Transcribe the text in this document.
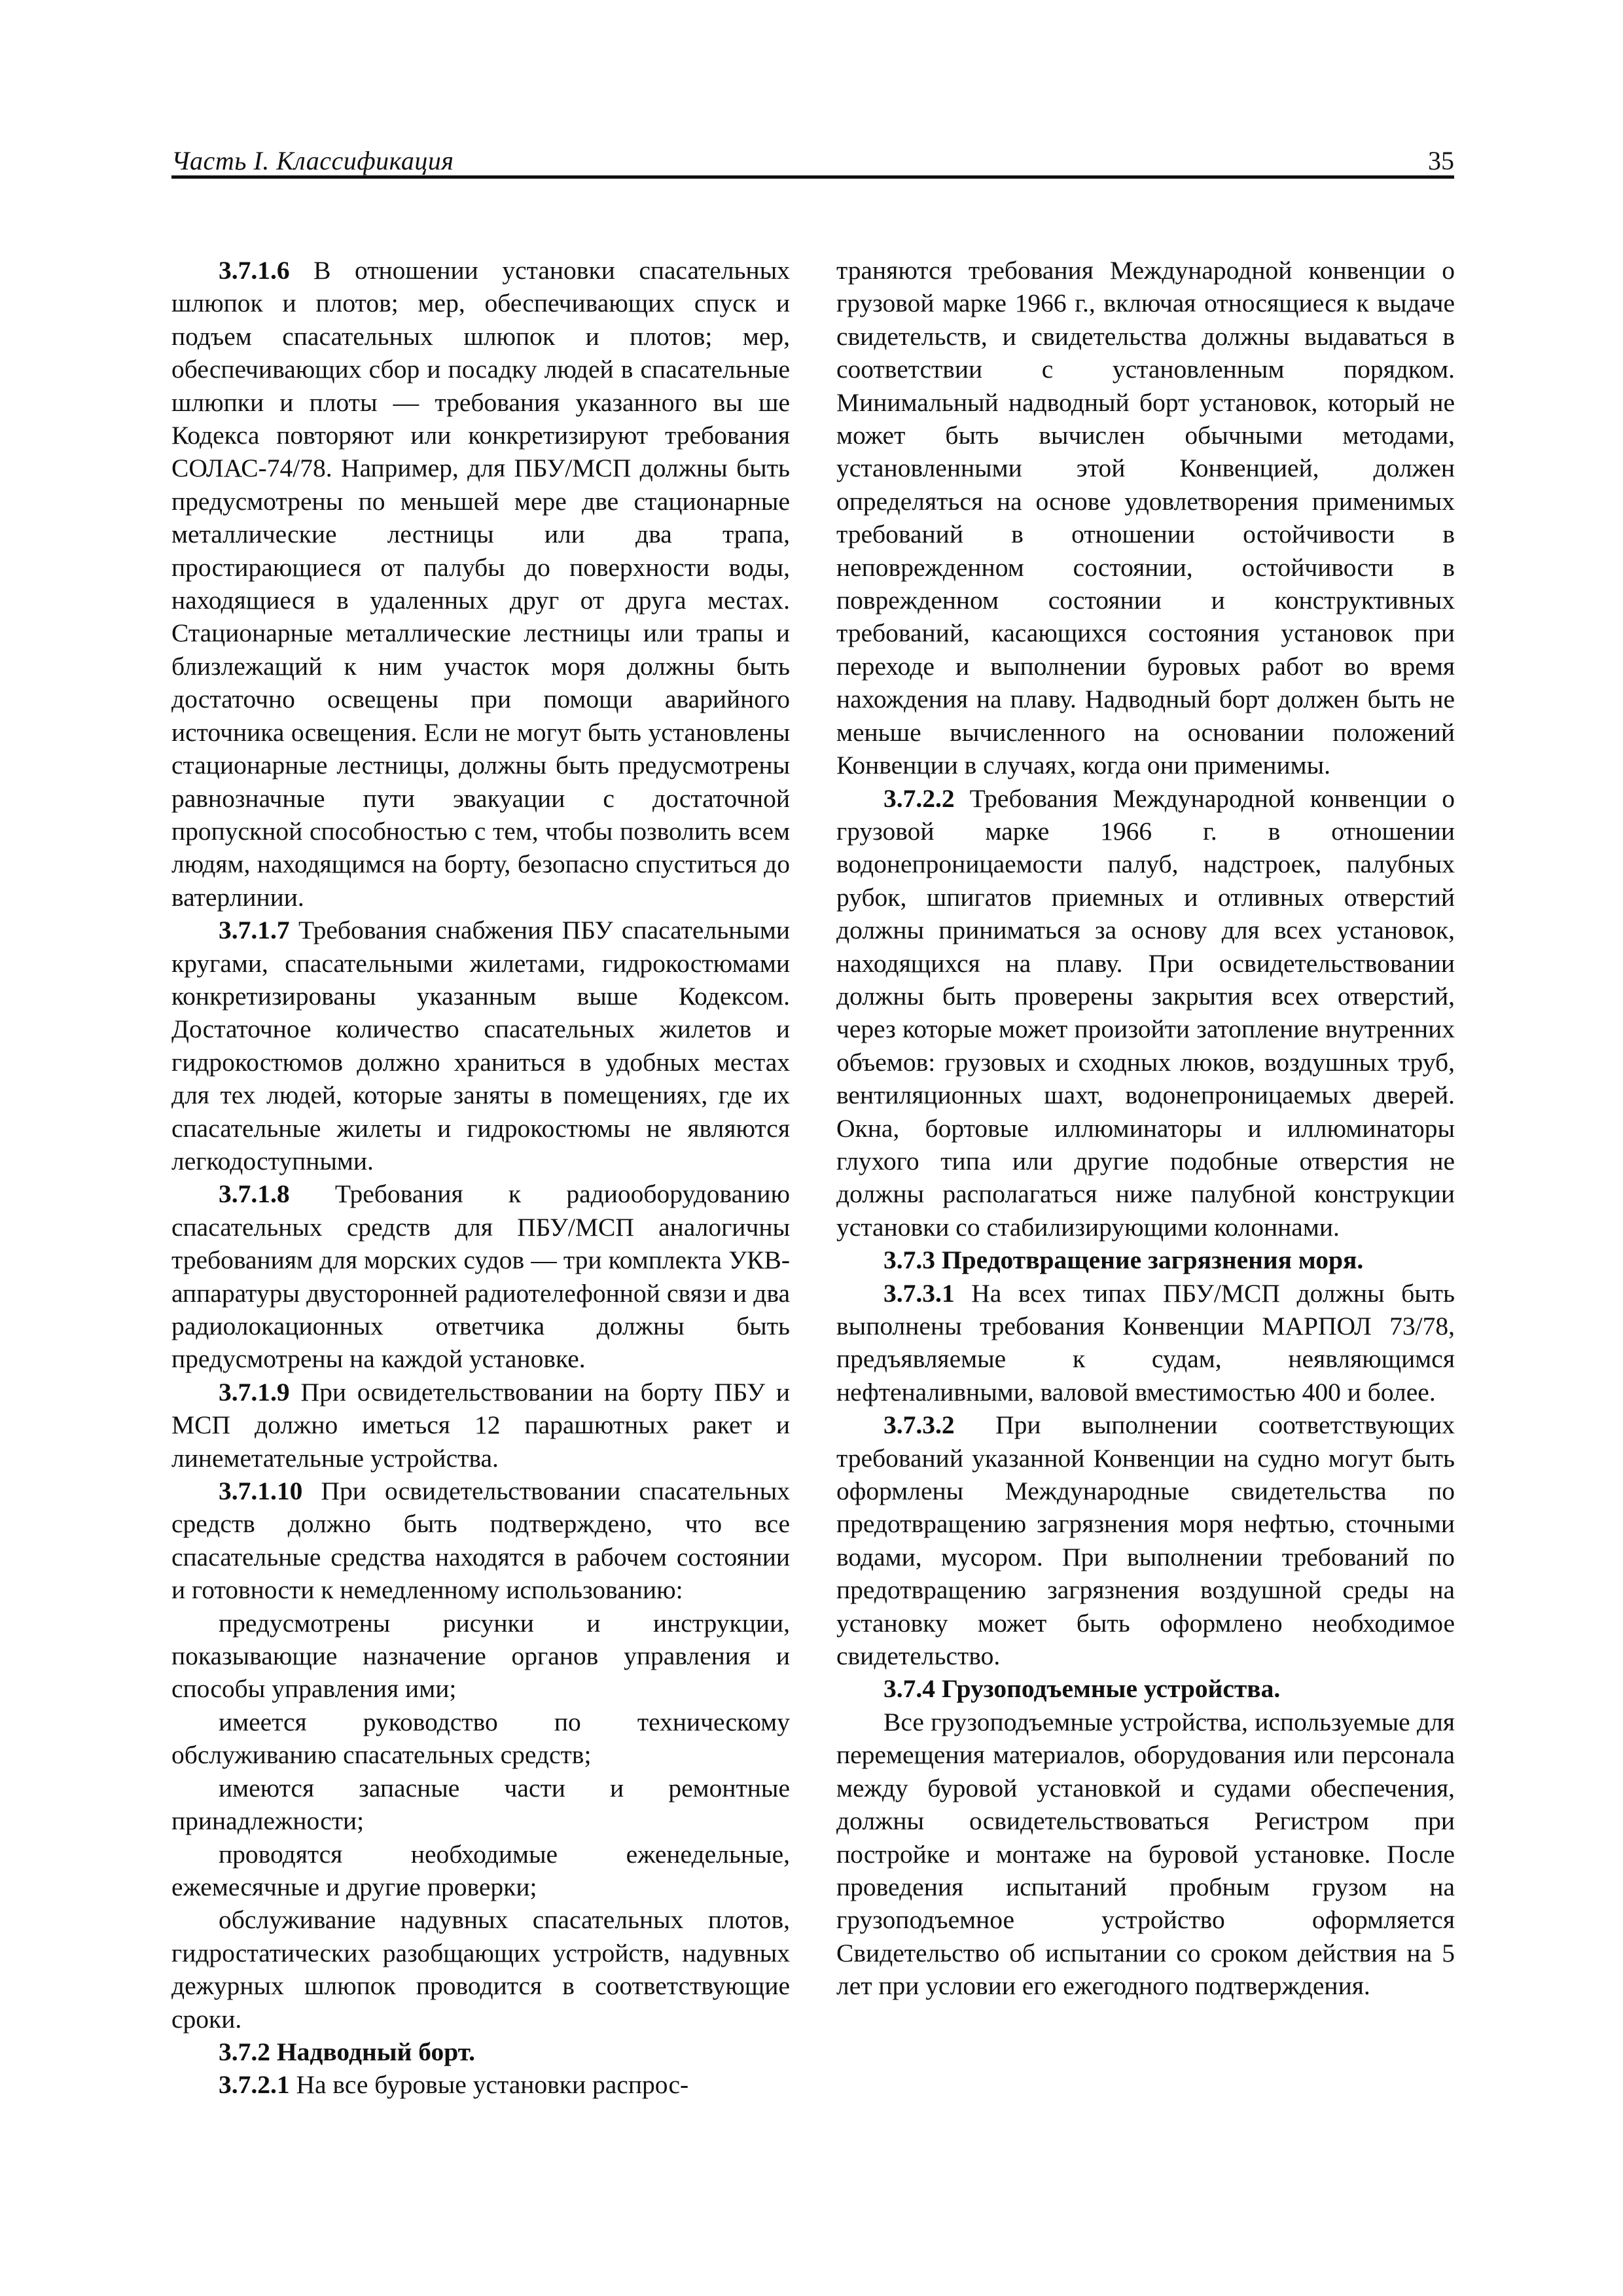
Часть I. Классификация	35

3.7.1.6 В отношении установки спасательных шлюпок и плотов; мер, обеспечивающих спуск и подъем спасательных шлюпок и плотов; мер, обеспечивающих сбор и посадку людей в спасательные шлюпки и плоты — требования указанного вы ше Кодекса повторяют или конкретизируют требования СОЛАС-74/78. Например, для ПБУ/МСП должны быть предусмотрены по меньшей мере две стационарные металлические лестницы или два трапа, простирающиеся от палубы до поверхности воды, находящиеся в удаленных друг от друга местах. Стационарные металлические лестницы или трапы и близлежащий к ним участок моря должны быть достаточно освещены при помощи аварийного источника освещения. Если не могут быть установлены стационарные лестницы, должны быть предусмотрены равнозначные пути эвакуации с достаточной пропускной способностью с тем, чтобы позволить всем людям, находящимся на борту, безопасно спуститься до ватерлинии.

3.7.1.7 Требования снабжения ПБУ спасательными кругами, спасательными жилетами, гидрокостюмами конкретизированы указанным выше Кодексом. Достаточное количество спасательных жилетов и гидрокостюмов должно храниться в удобных местах для тех людей, которые заняты в помещениях, где их спасательные жилеты и гидрокостюмы не являются легкодоступными.

3.7.1.8 Требования к радиооборудованию спасательных средств для ПБУ/МСП аналогичны требованиям для морских судов — три комплекта УКВ-аппаратуры двусторонней радиотелефонной связи и два радиолокационных ответчика должны быть предусмотрены на каждой установке.

3.7.1.9 При освидетельствовании на борту ПБУ и МСП должно иметься 12 парашютных ракет и линеметательные устройства.

3.7.1.10 При освидетельствовании спасательных средств должно быть подтверждено, что все спасательные средства находятся в рабочем состоянии и готовности к немедленному использованию:

предусмотрены рисунки и инструкции, показывающие назначение органов управления и способы управления ими;

имеется руководство по техническому обслуживанию спасательных средств;

имеются запасные части и ремонтные принадлежности;

проводятся необходимые еженедельные, ежемесячные и другие проверки;

обслуживание надувных спасательных плотов, гидростатических разобщающих устройств, надувных дежурных шлюпок проводится в соответствующие сроки.

3.7.2 Надводный борт.

3.7.2.1 На все буровые установки распрос-

траняются требования Международной конвенции о грузовой марке 1966 г., включая относящиеся к выдаче свидетельств, и свидетельства должны выдаваться в соответствии с установленным порядком. Минимальный надводный борт установок, который не может быть вычислен обычными методами, установленными этой Конвенцией, должен определяться на основе удовлетворения применимых требований в отношении остойчивости в неповрежденном состоянии, остойчивости в поврежденном состоянии и конструктивных требований, касающихся состояния установок при переходе и выполнении буровых работ во время нахождения на плаву. Надводный борт должен быть не меньше вычисленного на основании положений Конвенции в случаях, когда они применимы.

3.7.2.2 Требования Международной конвенции о грузовой марке 1966 г. в отношении водонепроницаемости палуб, надстроек, палубных рубок, шпигатов приемных и отливных отверстий должны приниматься за основу для всех установок, находящихся на плаву. При освидетельствовании должны быть проверены закрытия всех отверстий, через которые может произойти затопление внутренних объемов: грузовых и сходных люков, воздушных труб, вентиляционных шахт, водонепроницаемых дверей. Окна, бортовые иллюминаторы и иллюминаторы глухого типа или другие подобные отверстия не должны располагаться ниже палубной конструкции установки со стабилизирующими колоннами.

3.7.3 Предотвращение загрязнения моря.

3.7.3.1 На всех типах ПБУ/МСП должны быть выполнены требования Конвенции МАРПОЛ 73/78, предъявляемые к судам, неявляющимся нефтеналивными, валовой вместимостью 400 и более.

3.7.3.2 При выполнении соответствующих требований указанной Конвенции на судно могут быть оформлены Международные свидетельства по предотвращению загрязнения моря нефтью, сточными водами, мусором. При выполнении требований по предотвращению загрязнения воздушной среды на установку может быть оформлено необходимое свидетельство.

3.7.4 Грузоподъемные устройства.

Все грузоподъемные устройства, используемые для перемещения материалов, оборудования или персонала между буровой установкой и судами обеспечения, должны освидетельствоваться Регистром при постройке и монтаже на буровой установке. После проведения испытаний пробным грузом на грузоподъемное устройство оформляется Свидетельство об испытании со сроком действия на 5 лет при условии его ежегодного подтверждения.
